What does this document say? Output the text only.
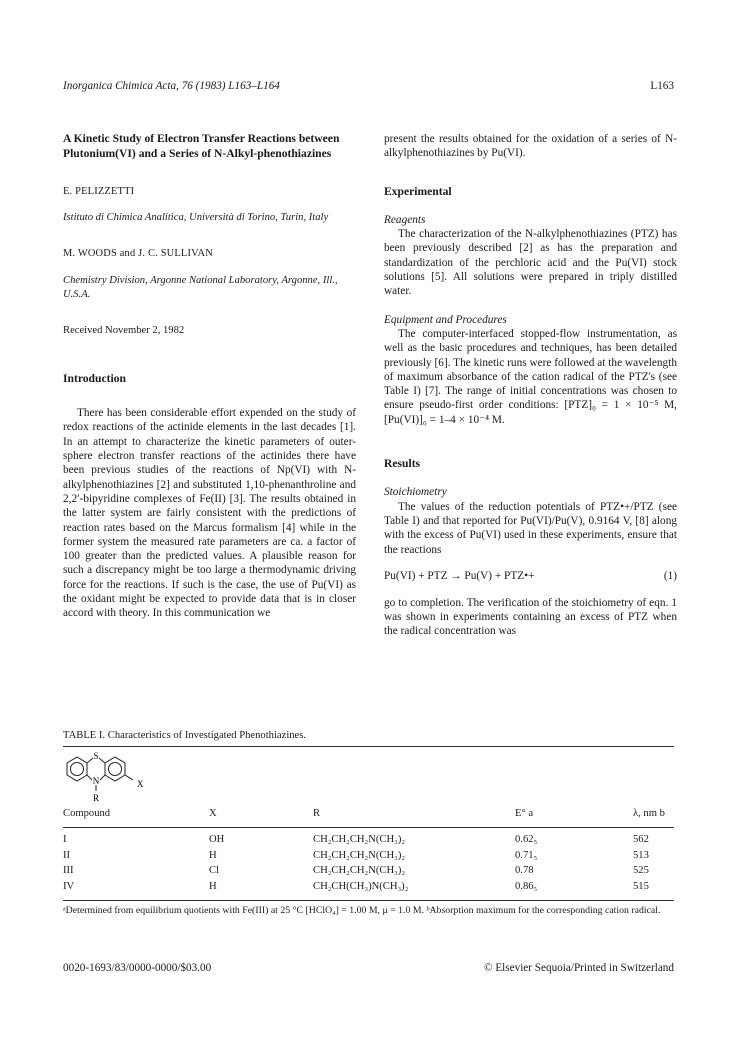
Inorganica Chimica Acta, 76 (1983) L163–L164	L163

A Kinetic Study of Electron Transfer Reactions between Plutonium(VI) and a Series of N-Alkyl-phenothiazines

E. PELIZZETTI

Istituto di Chimica Analitica, Università di Torino, Turin, Italy

M. WOODS and J. C. SULLIVAN

Chemistry Division, Argonne National Laboratory, Argonne, Ill., U.S.A.

Received November 2, 1982

Introduction

There has been considerable effort expended on the study of redox reactions of the actinide elements in the last decades [1]. In an attempt to characterize the kinetic parameters of outer-sphere electron transfer reactions of the actinides there have been previous studies of the reactions of Np(VI) with N-alkylphenothiazines [2] and substituted 1,10-phenanthroline and 2,2′-bipyridine complexes of Fe(II) [3]. The results obtained in the latter system are fairly consistent with the predictions of reaction rates based on the Marcus formalism [4] while in the former system the measured rate parameters are ca. a factor of 100 greater than the predicted values. A plausible reason for such a discrepancy might be too large a thermodynamic driving force for the reactions. If such is the case, the use of Pu(VI) as the oxidant might be expected to provide data that is in closer accord with theory. In this communication we

present the results obtained for the oxidation of a series of N-alkylphenothiazines by Pu(VI).

Experimental

Reagents

The characterization of the N-alkylphenothiazines (PTZ) has been previously described [2] as has the preparation and standardization of the perchloric acid and the Pu(VI) stock solutions [5]. All solutions were prepared in triply distilled water.

Equipment and Procedures

The computer-interfaced stopped-flow instrumentation, as well as the basic procedures and techniques, has been detailed previously [6]. The kinetic runs were followed at the wavelength of maximum absorbance of the cation radical of the PTZ's (see Table I) [7]. The range of initial concentrations was chosen to ensure pseudo-first order conditions: [PTZ]₀ = 1 × 10⁻⁵ M, [Pu(VI)]₀ = 1–4 × 10⁻⁴ M.

Results

Stoichiometry

The values of the reduction potentials of PTZ•+/PTZ (see Table I) and that reported for Pu(VI)/Pu(V), 0.9164 V, [8] along with the excess of Pu(VI) used in these experiments, ensure that the reactions

Pu(VI) + PTZ → Pu(V) + PTZ•+	(1)

go to completion. The verification of the stoichiometry of eqn. 1 was shown in experiments containing an excess of PTZ when the radical concentration was

TABLE I. Characteristics of Investigated Phenothiazines.

S
N
R
X
Compound	X	R	E° a	λ, nm b
I	OH	CH₂CH₂CH₂N(CH₃)₂	0.62₅	562
II	H	CH₂CH₂CH₂N(CH₃)₂	0.71₅	513
III	Cl	CH₂CH₂CH₂N(CH₃)₂	0.78	525
IV	H	CH₂CH(CH₃)N(CH₃)₂	0.86₅	515

ᵃDetermined from equilibrium quotients with Fe(III) at 25 °C [HClO₄] = 1.00 M, μ = 1.0 M. ᵇAbsorption maximum for the corresponding cation radical.

0020-1693/83/0000-0000/$03.00	© Elsevier Sequoia/Printed in Switzerland
